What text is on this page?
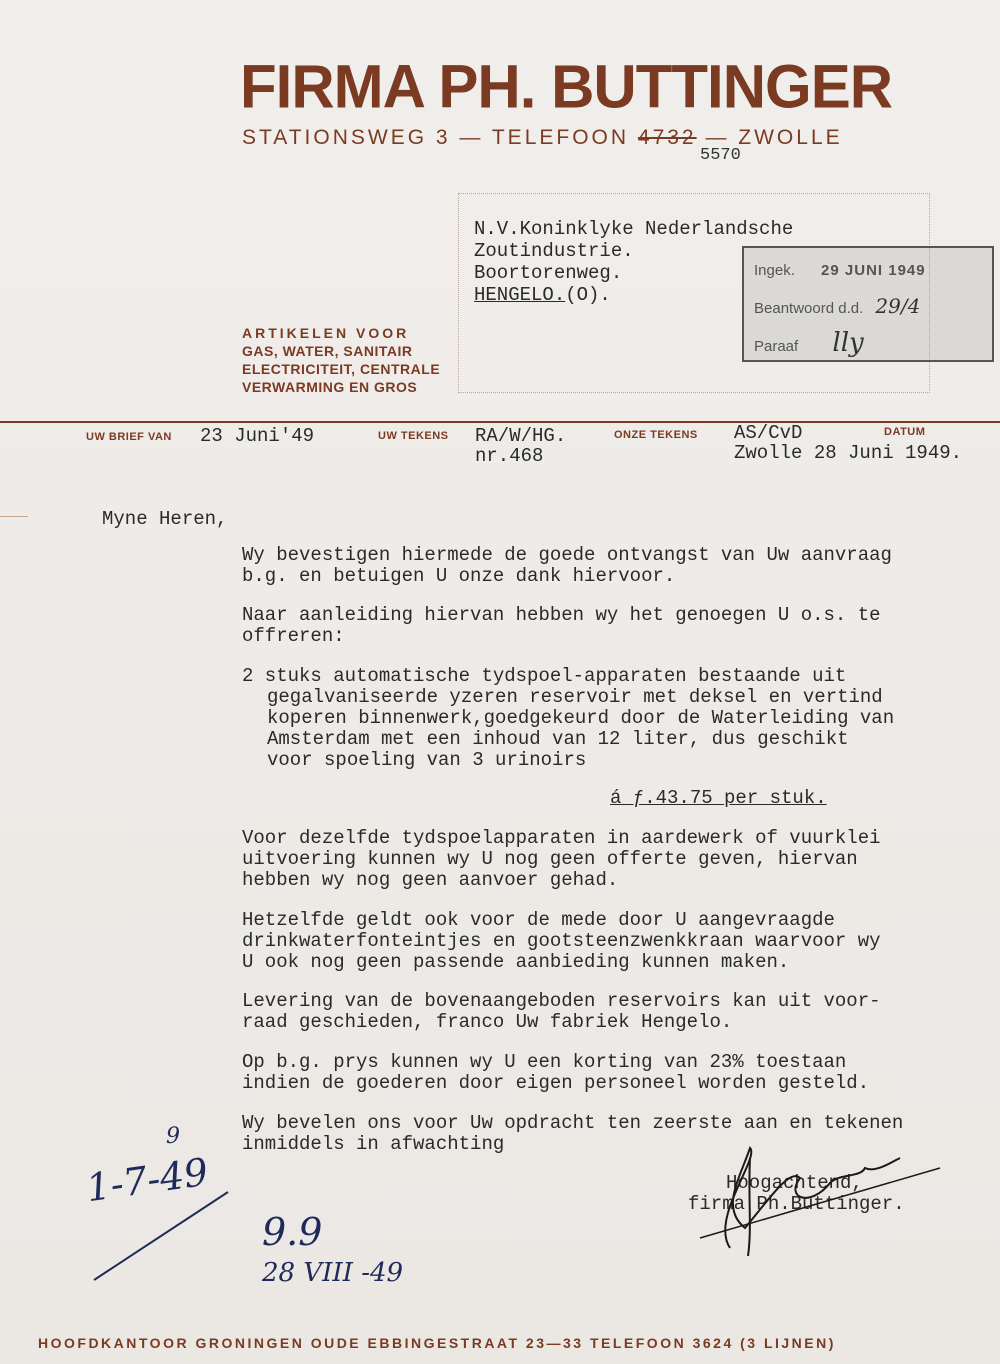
FIRMA PH. BUTTINGER
STATIONSWEG 3 — TELEFOON 4732 — ZWOLLE
5570
N.V.Koninklyke Nederlandsche
Zoutindustrie.
Boortorenweg.
HENGELO.(O).
Ingek. 29 JUNI 1949
Beantwoord d.d. 29/4
Paraaf lly
ARTIKELEN VOOR
GAS, WATER, SANITAIR
ELECTRICITEIT, CENTRALE
VERWARMING EN GROS
UW BRIEF VAN 23 Juni'49	UW TEKENS RA/W/HG.
nr.468
ONZE TEKENS AS/CvD	DATUM
Zwolle 28 Juni 1949.
Myne Heren,
Wy bevestigen hiermede de goede ontvangst van Uw aanvraag
b.g. en betuigen U onze dank hiervoor.
Naar aanleiding hiervan hebben wy het genoegen U o.s. te
offreren:
2 stuks automatische tydspoel-apparaten bestaande uit
gegalvaniseerde yzeren reservoir met deksel en vertind
koperen binnenwerk,goedgekeurd door de Waterleiding van
Amsterdam met een inhoud van 12 liter, dus geschikt
voor spoeling van 3 urinoirs
á ƒ.43.75 per stuk.
Voor dezelfde tydspoelapparaten in aardewerk of vuurklei
uitvoering kunnen wy U nog geen offerte geven, hiervan
hebben wy nog geen aanvoer gehad.
Hetzelfde geldt ook voor de mede door U aangevraagde
drinkwaterfonteintjes en gootsteenzwenkkraan waarvoor wy
U ook nog geen passende aanbieding kunnen maken.
Levering van de bovenaangeboden reservoirs kan uit voor-
raad geschieden, franco Uw fabriek Hengelo.
Op b.g. prys kunnen wy U een korting van 23% toestaan
indien de goederen door eigen personeel worden gesteld.
Wy bevelen ons voor Uw opdracht ten zeerste aan en tekenen
inmiddels in afwachting
Hoogachtend,
firma Ph.Buttinger.
1-7-49
9
9.9
28 VIII -49
HOOFDKANTOOR GRONINGEN OUDE EBBINGESTRAAT 23—33 TELEFOON 3624 (3 LIJNEN)
